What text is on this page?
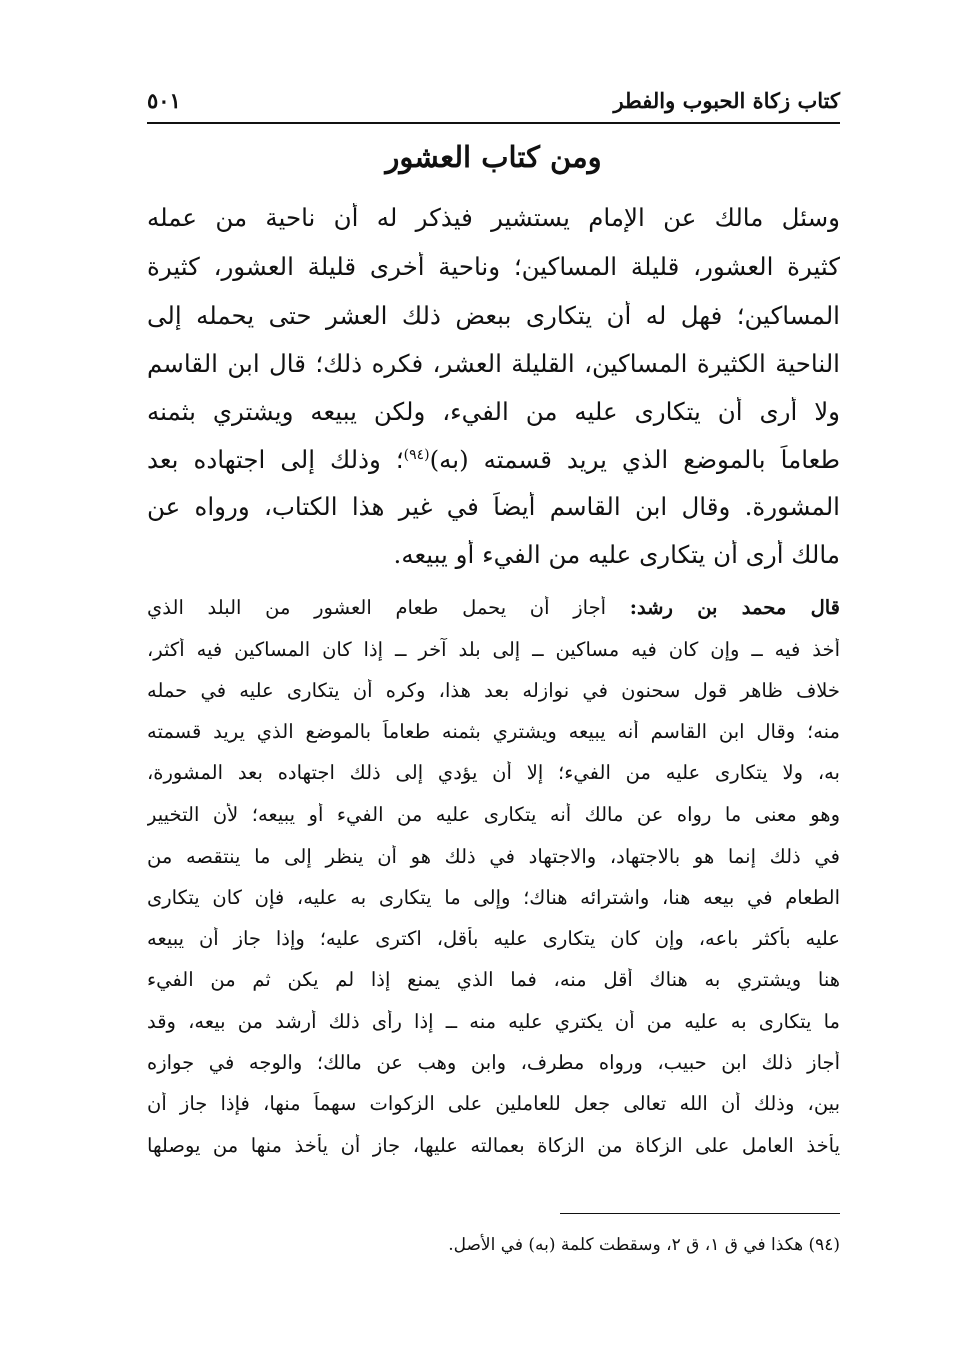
كتاب زكاة الحبوب والفطر
٥٠١
ومن كتاب العشور
وسئل مالك عن الإمام يستشير فيذكر له أن ناحية من عمله
كثيرة العشور، قليلة المساكين؛ وناحية أخرى قليلة العشور، كثيرة
المساكين؛ فهل له أن يتكارى ببعض ذلك العشر حتى يحمله إلى
الناحية الكثيرة المساكين، القليلة العشر، فكره ذلك؛ قال ابن القاسم
ولا أرى أن يتكارى عليه من الفيء، ولكن يبيعه ويشتري بثمنه
طعاماً بالموضع الذي يريد قسمته (به)$^{(٩٤)}$؛ وذلك إلى اجتهاده بعد
المشورة. وقال ابن القاسم أيضاً في غير هذا الكتاب، ورواه عن
مالك أرى أن يتكارى عليه من الفيء أو يبيعه.
قال محمد بن رشد: أجاز أن يحمل طعام العشور من البلد الذي
أخذ فيه ــ وإن كان فيه مساكين ــ إلى بلد آخر ــ إذا كان المساكين فيه أكثر،
خلاف ظاهر قول سحنون في نوازله بعد هذا، وكره أن يتكارى عليه في حمله
منه؛ وقال ابن القاسم أنه يبيعه ويشتري بثمنه طعاماً بالموضع الذي يريد قسمته
به، ولا يتكارى عليه من الفيء؛ إلا أن يؤدي إلى ذلك اجتهاده بعد المشورة،
وهو معنى ما رواه عن مالك أنه يتكارى عليه من الفيء أو يبيعه؛ لأن التخيير
في ذلك إنما هو بالاجتهاد، والاجتهاد في ذلك هو أن ينظر إلى ما ينتقصه من
الطعام في بيعه هنا، واشترائه هناك؛ وإلى ما يتكارى به عليه، فإن كان يتكارى
عليه بأكثر باعه، وإن كان يتكارى عليه بأقل، اكترى عليه؛ وإذا جاز أن يبيعه
هنا ويشتري به هناك أقل منه، فما الذي يمنع إذا لم يكن ثم من الفيء
ما يتكارى به عليه من أن يكتري عليه منه ــ إذا رأى ذلك أرشد من بيعه، وقد
أجاز ذلك ابن حبيب، ورواه مطرف، وابن وهب عن مالك؛ والوجه في جوازه
بين، وذلك أن الله تعالى جعل للعاملين على الزكوات سهماً منها، فإذا جاز أن
يأخذ العامل على الزكاة من الزكاة بعمالته عليها، جاز أن يأخذ منها من يوصلها
(٩٤) هكذا في ق ١، ق ٢، وسقطت كلمة (به) في الأصل.
